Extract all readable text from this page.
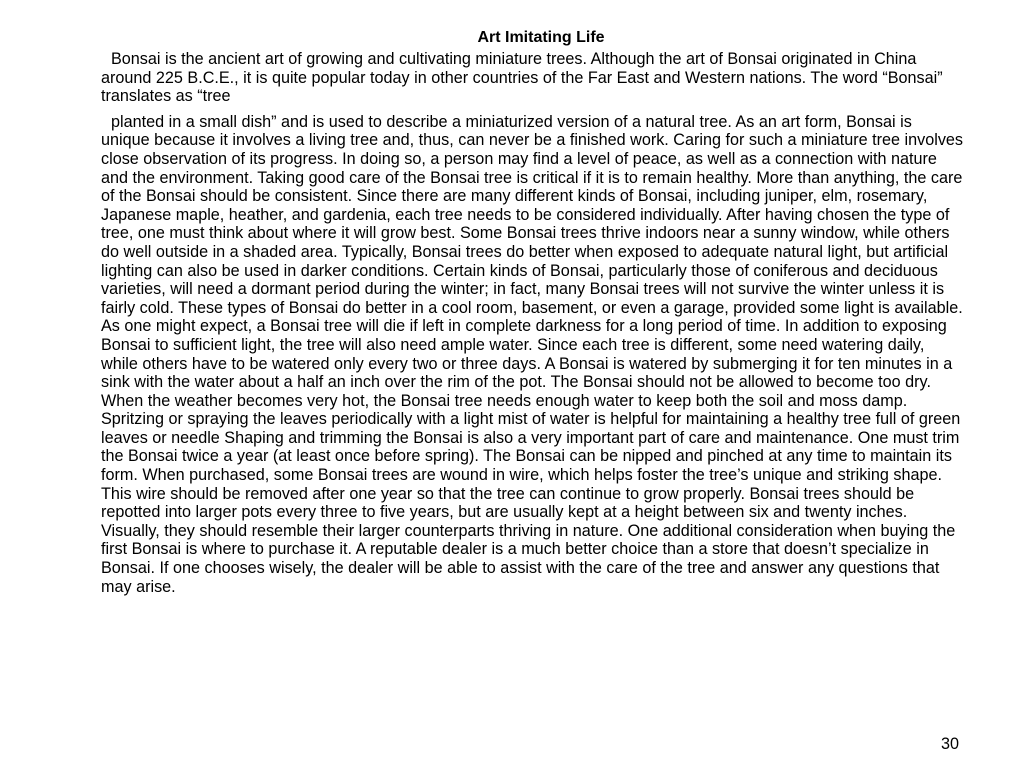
Art Imitating Life

Bonsai is the ancient art of growing and cultivating miniature trees. Although the art of Bonsai originated in China around 225 B.C.E., it is quite popular today in other countries of the Far East and Western nations. The word “Bonsai” translates as “tree

planted in a small dish” and is used to describe a miniaturized version of a natural tree. As an art form, Bonsai is unique because it involves a living tree and, thus, can never be a finished work. Caring for such a miniature tree involves close observation of its progress. In doing so, a person may find a level of peace, as well as a connection with nature and the environment. Taking good care of the Bonsai tree is critical if it is to remain healthy. More than anything, the care of the Bonsai should be consistent. Since there are many different kinds of Bonsai, including juniper, elm, rosemary, Japanese maple, heather, and gardenia, each tree needs to be considered individually. After having chosen the type of tree, one must think about where it will grow best. Some Bonsai trees thrive indoors near a sunny window, while others do well outside in a shaded area. Typically, Bonsai trees do better when exposed to adequate natural light, but artificial lighting can also be used in darker conditions. Certain kinds of Bonsai, particularly those of coniferous and deciduous varieties, will need a dormant period during the winter; in fact, many Bonsai trees will not survive the winter unless it is fairly cold. These types of Bonsai do better in a cool room, basement, or even a garage, provided some light is available. As one might expect, a Bonsai tree will die if left in complete darkness for a long period of time. In addition to exposing Bonsai to sufficient light, the tree will also need ample water. Since each tree is different, some need watering daily, while others have to be watered only every two or three days. A Bonsai is watered by submerging it for ten minutes in a sink with the water about a half an inch over the rim of the pot. The Bonsai should not be allowed to become too dry. When the weather becomes very hot, the Bonsai tree needs enough water to keep both the soil and moss damp. Spritzing or spraying the leaves periodically with a light mist of water is helpful for maintaining a healthy tree full of green leaves or needle Shaping and trimming the Bonsai is also a very important part of care and maintenance. One must trim the Bonsai twice a year (at least once before spring). The Bonsai can be nipped and pinched at any time to maintain its form. When purchased, some Bonsai trees are wound in wire, which helps foster the tree’s unique and striking shape. This wire should be removed after one year so that the tree can continue to grow properly. Bonsai trees should be repotted into larger pots every three to five years, but are usually kept at a height between six and twenty inches. Visually, they should resemble their larger counterparts thriving in nature. One additional consideration when buying the first Bonsai is where to purchase it. A reputable dealer is a much better choice than a store that doesn’t specialize in Bonsai. If one chooses wisely, the dealer will be able to assist with the care of the tree and answer any questions that may arise.

30
